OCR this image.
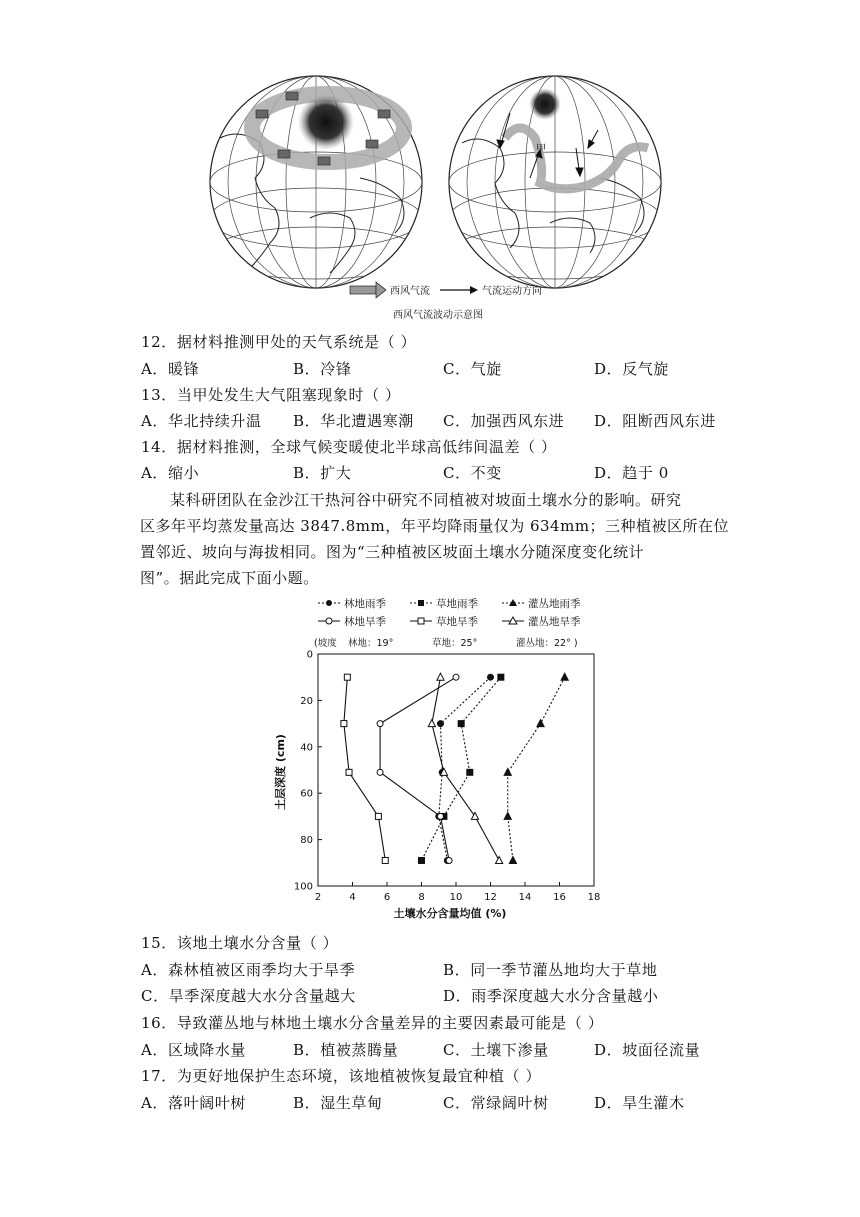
甲
西风气流	气流运动方向
西风气流波动示意图
12．据材料推测甲处的天气系统是（ ）
A．暖锋	B．冷锋	C．气旋	D．反气旋
13．当甲处发生大气阻塞现象时（ ）
A．华北持续升温 B．华北遭遇寒潮 C．加强西风东进 D．阻断西风东进
14．据材料推测，全球气候变暖使北半球高低纬间温差（ ）
A．缩小	B．扩大	C．不变	D．趋于 0
某科研团队在金沙江干热河谷中研究不同植被对坡面土壤水分的影响。研究
区多年平均蒸发量高达 3847.8mm，年平均降雨量仅为 634mm；三种植被区所在位
置邻近、坡向与海拔相同。图为“三种植被区坡面土壤水分随深度变化统计
图”。据此完成下面小题。
林地雨季	草地雨季	灌丛地雨季
林地旱季	草地旱季	灌丛地旱季
(坡度 林地：19°	草地：25°	灌丛地：22° )
2	4	6	8 10 12 14 16 18
0
20
40
60
80
100
土层深度 (cm)
土壤水分含量均值 (%)
15．该地土壤水分含量（ ）
A．森林植被区雨季均大于旱季	B．同一季节灌丛地均大于草地
C．旱季深度越大水分含量越大	D．雨季深度越大水分含量越小
16．导致灌丛地与林地土壤水分含量差异的主要因素最可能是（ ）
A．区域降水量	B．植被蒸腾量	C．土壤下渗量	D．坡面径流量
17．为更好地保护生态环境，该地植被恢复最宜种植（ ）
A．落叶阔叶树	B．湿生草甸	C．常绿阔叶树	D．旱生灌木
